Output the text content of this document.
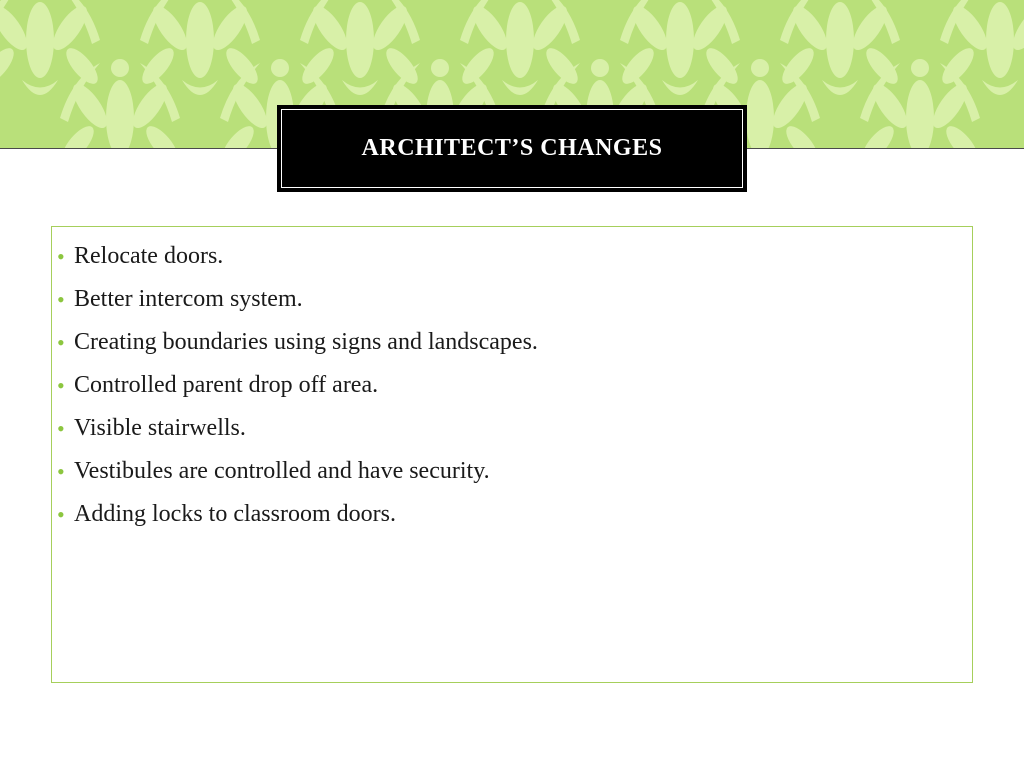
ARCHITECT’S CHANGES
• Relocate doors.
• Better intercom system.
• Creating boundaries using signs and landscapes.
• Controlled parent drop off area.
• Visible stairwells.
• Vestibules are controlled and have security.
• Adding locks to classroom doors.
